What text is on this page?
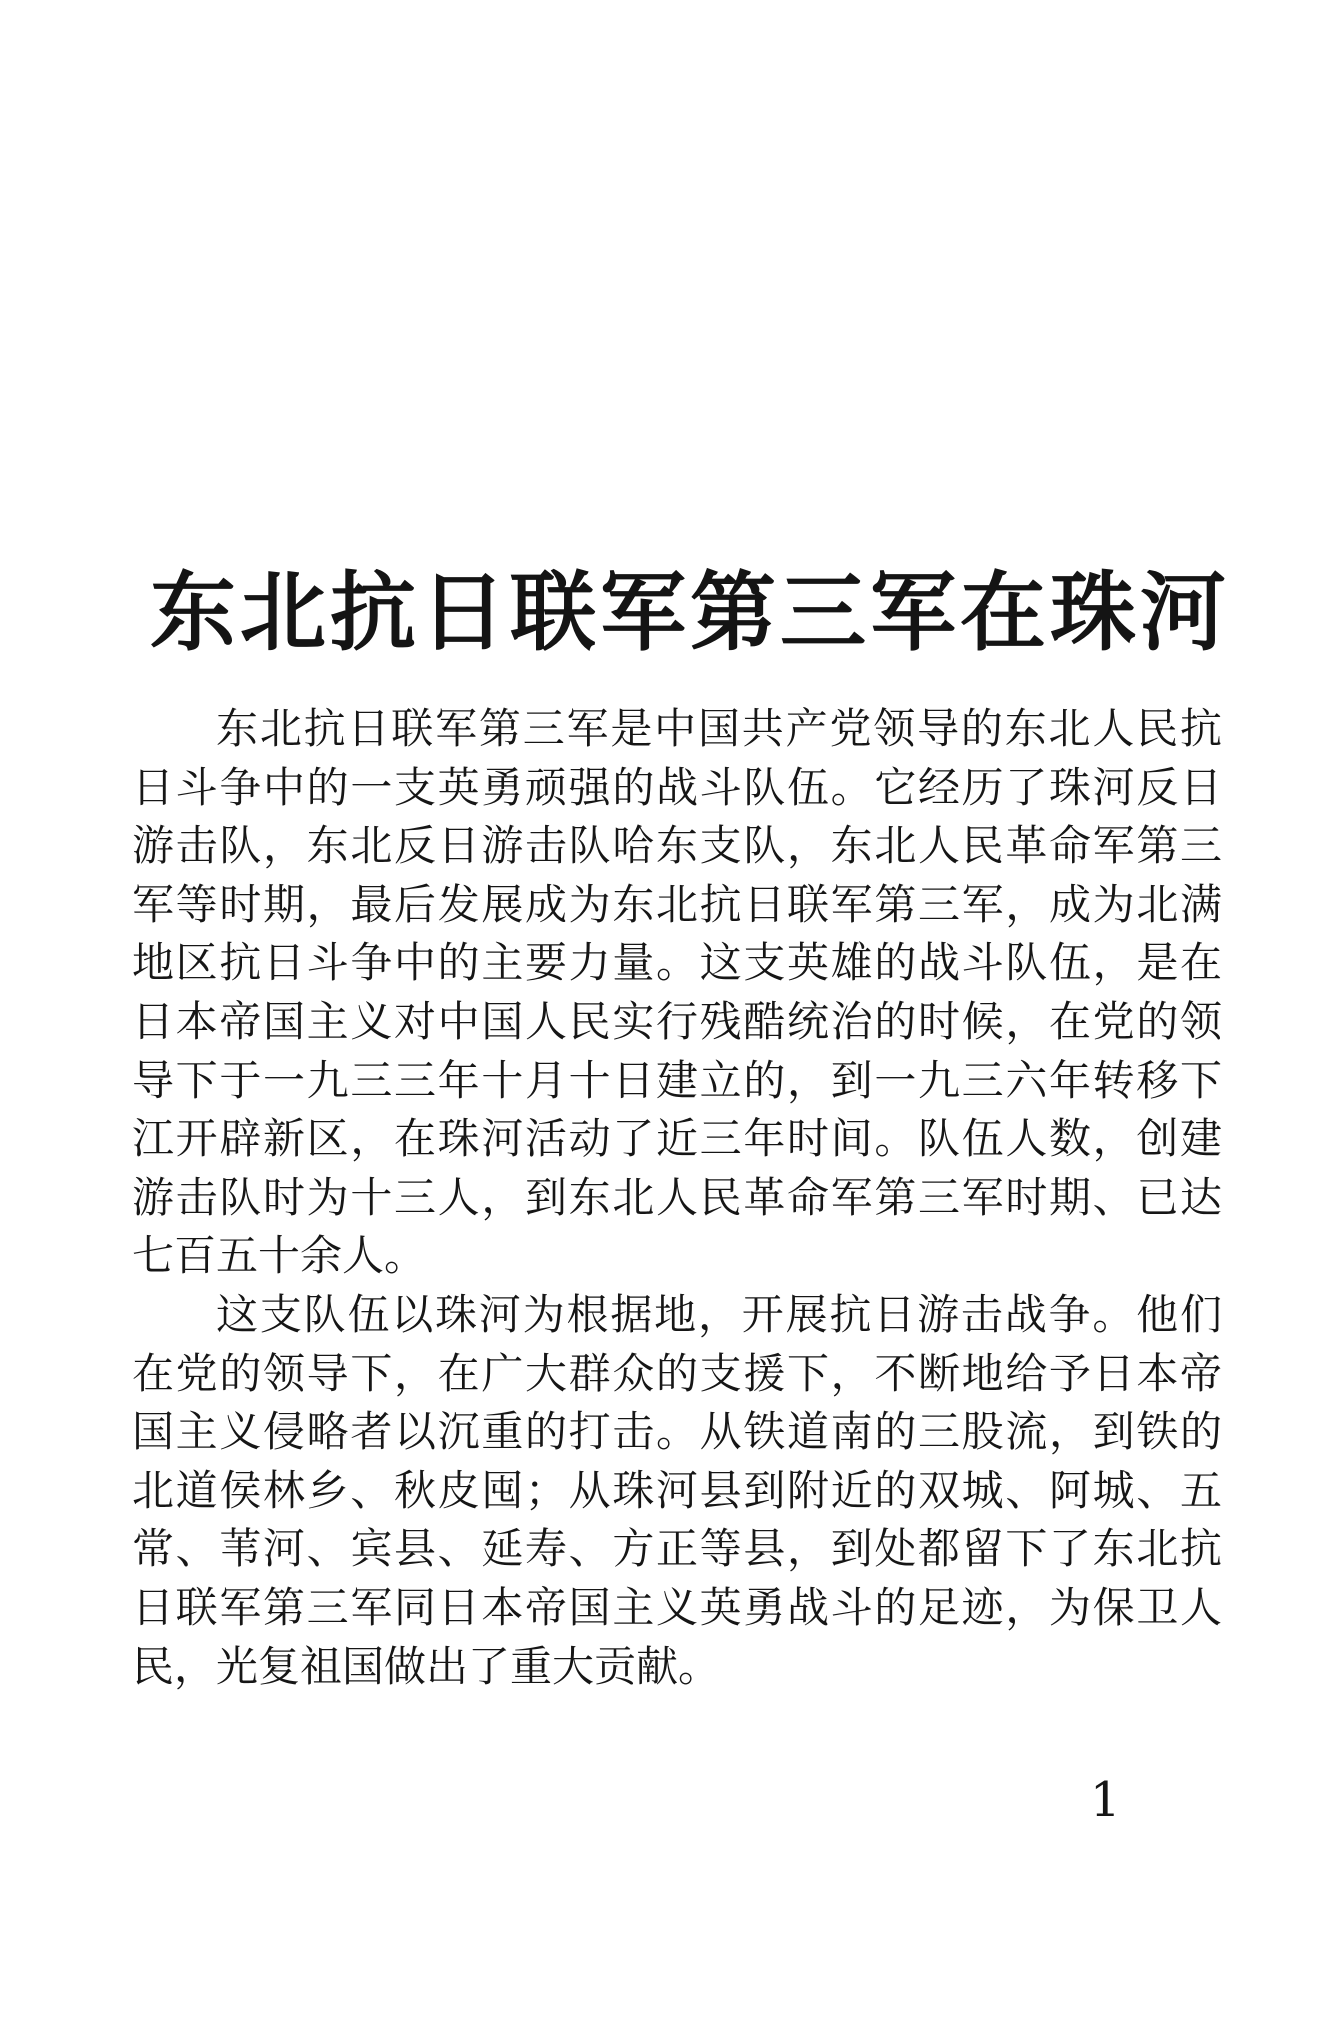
东北抗日联军第三军在珠河

东北抗日联军第三军是中国共产党领导的东北人民抗日斗争中的一支英勇顽强的战斗队伍。它经历了珠河反日游击队，东北反日游击队哈东支队，东北人民革命军第三军等时期，最后发展成为东北抗日联军第三军，成为北满地区抗日斗争中的主要力量。这支英雄的战斗队伍，是在日本帝国主义对中国人民实行残酷统治的时候，在党的领导下于一九三三年十月十日建立的，到一九三六年转移下江开辟新区，在珠河活动了近三年时间。队伍人数，创建游击队时为十三人，到东北人民革命军第三军时期、已达七百五十余人。

这支队伍以珠河为根据地，开展抗日游击战争。他们在党的领导下，在广大群众的支援下，不断地给予日本帝国主义侵略者以沉重的打击。从铁道南的三股流，到铁的北道侯林乡、秋皮囤；从珠河县到附近的双城、阿城、五常、苇河、宾县、延寿、方正等县，到处都留下了东北抗日联军第三军同日本帝国主义英勇战斗的足迹，为保卫人民，光复祖国做出了重大贡献。

1
